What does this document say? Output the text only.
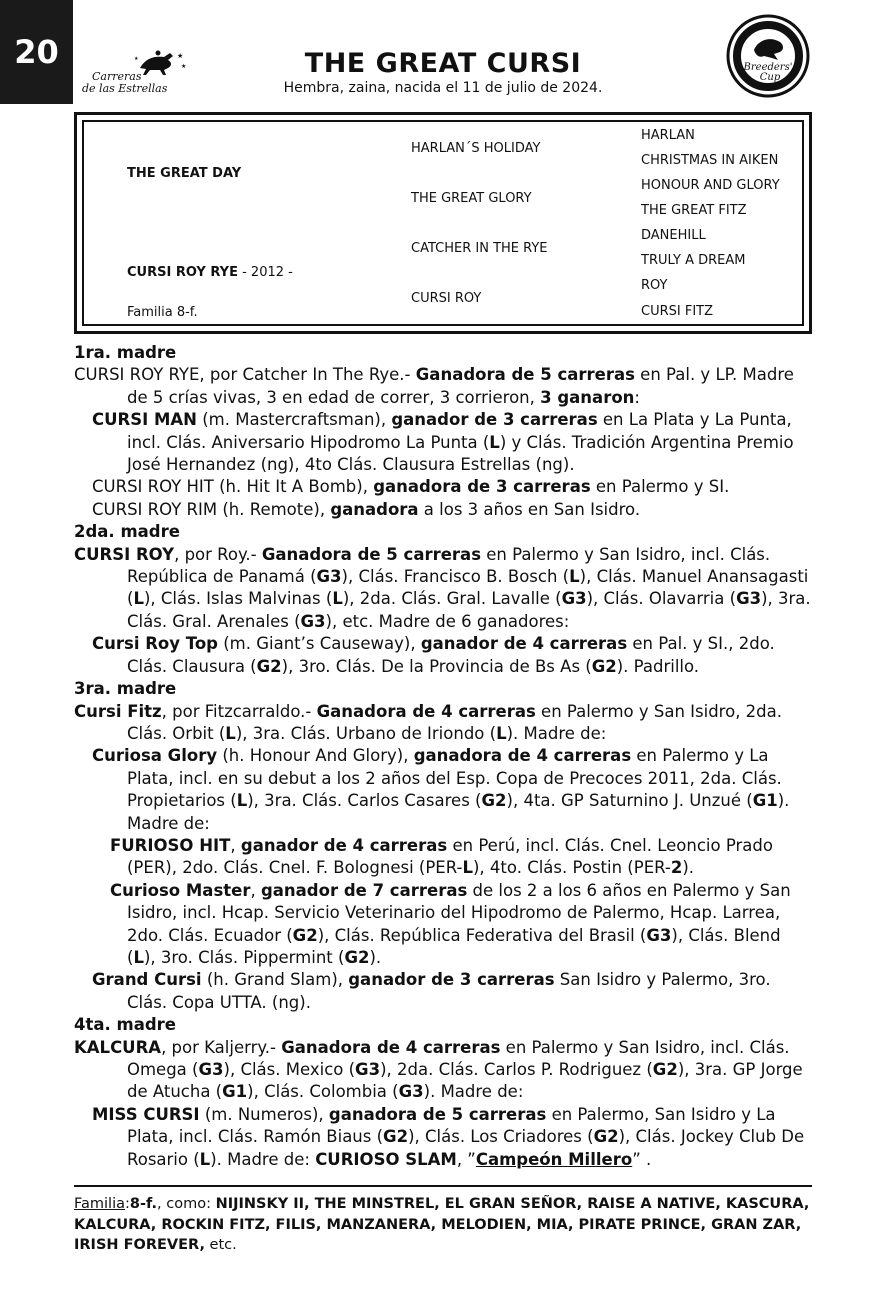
20	★
★
★
Carreras
de las Estrellas
THE GREAT CURSI
Hembra, zaina, nacida el 11 de julio de 2024.
Breeders'
Cup
THE GREAT DAY
CURSI ROY RYE - 2012 -
Familia 8-f.
HARLAN´S HOLIDAY
THE GREAT GLORY
CATCHER IN THE RYE
CURSI ROY
HARLAN
CHRISTMAS IN AIKEN
HONOUR AND GLORY
THE GREAT FITZ
DANEHILL
TRULY A DREAM
ROY
CURSI FITZ

1ra. madre

CURSI ROY RYE, por Catcher In The Rye.- Ganadora de 5 carreras en Pal. y LP. Madre de 5 crías vivas, 3 en edad de correr, 3 corrieron, 3 ganaron:

CURSI MAN (m. Mastercraftsman), ganador de 3 carreras en La Plata y La Punta, incl. Clás. Aniversario Hipodromo La Punta (L) y Clás. Tradición Argentina Premio José Hernandez (ng), 4to Clás. Clausura Estrellas (ng).

CURSI ROY HIT (h. Hit It A Bomb), ganadora de 3 carreras en Palermo y SI.

CURSI ROY RIM (h. Remote), ganadora a los 3 años en San Isidro.

2da. madre

CURSI ROY, por Roy.- Ganadora de 5 carreras en Palermo y San Isidro, incl. Clás. República de Panamá (G3), Clás. Francisco B. Bosch (L), Clás. Manuel Anansagasti (L), Clás. Islas Malvinas (L), 2da. Clás. Gral. Lavalle (G3), Clás. Olavarria (G3), 3ra. Clás. Gral. Arenales (G3), etc. Madre de 6 ganadores:

Cursi Roy Top (m. Giant’s Causeway), ganador de 4 carreras en Pal. y SI., 2do. Clás. Clausura (G2), 3ro. Clás. De la Provincia de Bs As (G2). Padrillo.

3ra. madre

Cursi Fitz, por Fitzcarraldo.- Ganadora de 4 carreras en Palermo y San Isidro, 2da. Clás. Orbit (L), 3ra. Clás. Urbano de Iriondo (L). Madre de:

Curiosa Glory (h. Honour And Glory), ganadora de 4 carreras en Palermo y La Plata, incl. en su debut a los 2 años del Esp. Copa de Precoces 2011, 2da. Clás. Propietarios (L), 3ra. Clás. Carlos Casares (G2), 4ta. GP Saturnino J. Unzué (G1). Madre de:

FURIOSO HIT, ganador de 4 carreras en Perú, incl. Clás. Cnel. Leoncio Prado (PER), 2do. Clás. Cnel. F. Bolognesi (PER-L), 4to. Clás. Postin (PER-2).

Curioso Master, ganador de 7 carreras de los 2 a los 6 años en Palermo y San Isidro, incl. Hcap. Servicio Veterinario del Hipodromo de Palermo, Hcap. Larrea, 2do. Clás. Ecuador (G2), Clás. República Federativa del Brasil (G3), Clás. Blend (L), 3ro. Clás. Pippermint (G2).

Grand Cursi (h. Grand Slam), ganador de 3 carreras San Isidro y Palermo, 3ro. Clás. Copa UTTA. (ng).

4ta. madre

KALCURA, por Kaljerry.- Ganadora de 4 carreras en Palermo y San Isidro, incl. Clás. Omega (G3), Clás. Mexico (G3), 2da. Clás. Carlos P. Rodriguez (G2), 3ra. GP Jorge de Atucha (G1), Clás. Colombia (G3). Madre de:

MISS CURSI (m. Numeros), ganadora de 5 carreras en Palermo, San Isidro y La Plata, incl. Clás. Ramón Biaus (G2), Clás. Los Criadores (G2), Clás. Jockey Club De Rosario (L). Madre de: CURIOSO SLAM, ”Campeón Millero” .

Familia:8-f., como: NIJINSKY II, THE MINSTREL, EL GRAN SEÑOR, RAISE A NATIVE, KASCURA, KALCURA, ROCKIN FITZ, FILIS, MANZANERA, MELODIEN, MIA, PIRATE PRINCE, GRAN ZAR, IRISH FOREVER, etc.
